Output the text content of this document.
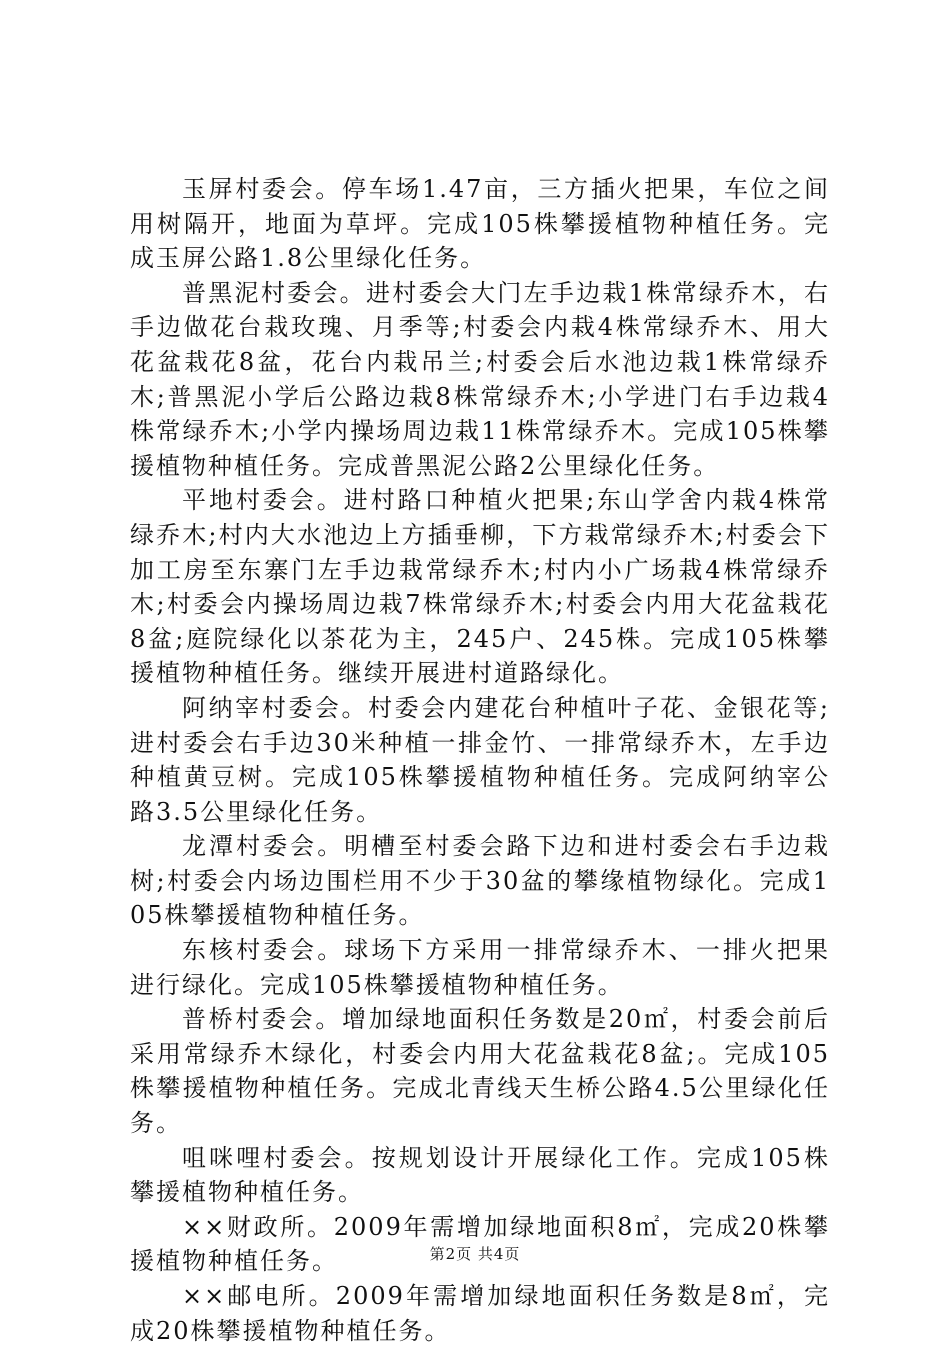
玉屏村委会。停车场1.47亩，三方插火把果，车位之间用树隔开，地面为草坪。完成105株攀援植物种植任务。完成玉屏公路1.8公里绿化任务。

普黑泥村委会。进村委会大门左手边栽1株常绿乔木，右手边做花台栽玫瑰、月季等;村委会内栽4株常绿乔木、用大花盆栽花8盆，花台内栽吊兰;村委会后水池边栽1株常绿乔木;普黑泥小学后公路边栽8株常绿乔木;小学进门右手边栽4株常绿乔木;小学内操场周边栽11株常绿乔木。完成105株攀援植物种植任务。完成普黑泥公路2公里绿化任务。

平地村委会。进村路口种植火把果;东山学舍内栽4株常绿乔木;村内大水池边上方插垂柳，下方栽常绿乔木;村委会下加工房至东寨门左手边栽常绿乔木;村内小广场栽4株常绿乔木;村委会内操场周边栽7株常绿乔木;村委会内用大花盆栽花8盆;庭院绿化以茶花为主，245户、245株。完成105株攀援植物种植任务。继续开展进村道路绿化。

阿纳宰村委会。村委会内建花台种植叶子花、金银花等;进村委会右手边30米种植一排金竹、一排常绿乔木，左手边种植黄豆树。完成105株攀援植物种植任务。完成阿纳宰公路3.5公里绿化任务。

龙潭村委会。明槽至村委会路下边和进村委会右手边栽树;村委会内场边围栏用不少于30盆的攀缘植物绿化。完成105株攀援植物种植任务。

东核村委会。球场下方采用一排常绿乔木、一排火把果进行绿化。完成105株攀援植物种植任务。

普桥村委会。增加绿地面积任务数是20㎡，村委会前后采用常绿乔木绿化，村委会内用大花盆栽花8盆;。完成105株攀援植物种植任务。完成北青线天生桥公路4.5公里绿化任务。

咀咪哩村委会。按规划设计开展绿化工作。完成105株攀援植物种植任务。

××财政所。2009年需增加绿地面积8㎡，完成20株攀援植物种植任务。

××邮电所。2009年需增加绿地面积任务数是8㎡，完成20株攀援植物种植任务。

第2页 共4页
